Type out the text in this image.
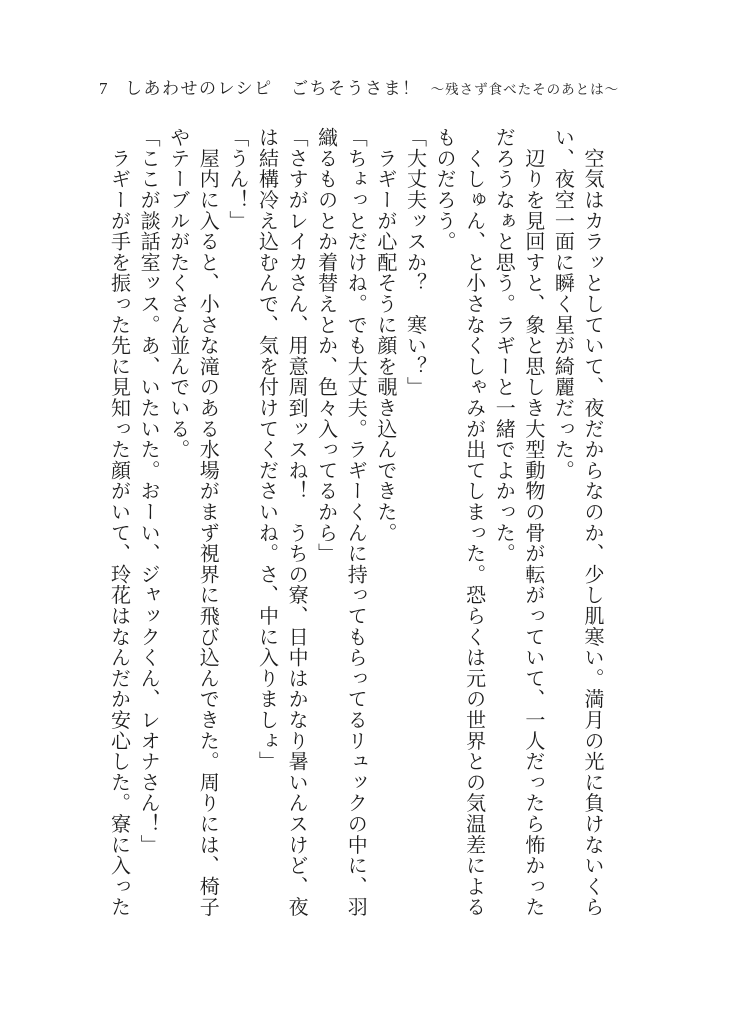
7 しあわせのレシピ　ごちそうさま！ ～残さず食べたそのあとは～
　空気はカラッとしていて、夜だからなのか、少し肌寒い。満月の光に負けないくら
い、夜空一面に瞬く星が綺麗だった。
　辺りを見回すと、象と思しき大型動物の骨が転がっていて、一人だったら怖かった
だろうなぁと思う。ラギーと一緒でよかった。
　くしゅん、と小さなくしゃみが出てしまった。恐らくは元の世界との気温差による
ものだろう。
「大丈夫ッスか？　寒い？」
　ラギーが心配そうに顔を覗き込んできた。
「ちょっとだけね。でも大丈夫。ラギーくんに持ってもらってるリュックの中に、羽
織るものとか着替えとか、色々入ってるから」
「さすがレイカさん、用意周到ッスね！　うちの寮、日中はかなり暑いんスけど、夜
は結構冷え込むんで、気を付けてくださいね。さ、中に入りましょ」
「うん！」
　屋内に入ると、小さな滝のある水場がまず視界に飛び込んできた。周りには、椅子
やテーブルがたくさん並んでいる。
「ここが談話室ッス。あ、いたいた。おーい、ジャックくん、レオナさん！」
　ラギーが手を振った先に見知った顔がいて、玲花はなんだか安心した。寮に入った
